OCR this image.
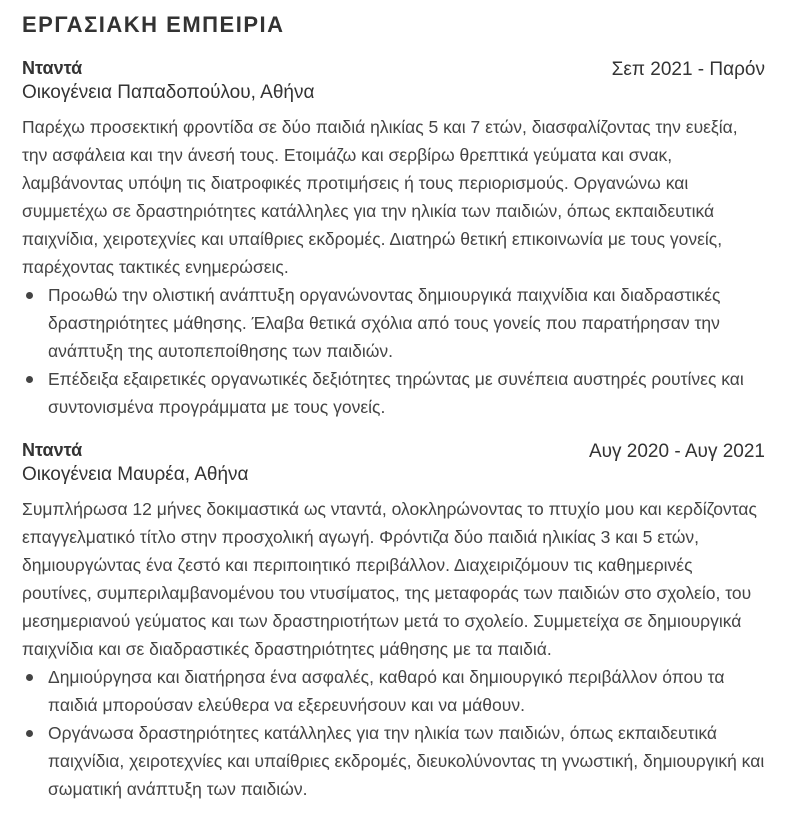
ΕΡΓΑΣΙΑΚΗ ΕΜΠΕΙΡΙΑ
Νταντά	Σεπ 2021 - Παρόν
Οικογένεια Παπαδοπούλου, Αθήνα

Παρέχω προσεκτική φροντίδα σε δύο παιδιά ηλικίας 5 και 7 ετών, διασφαλίζοντας την ευεξία, την ασφάλεια και την άνεσή τους. Ετοιμάζω και σερβίρω θρεπτικά γεύματα και σνακ, λαμβάνοντας υπόψη τις διατροφικές προτιμήσεις ή τους περιορισμούς. Οργανώνω και συμμετέχω σε δραστηριότητες κατάλληλες για την ηλικία των παιδιών, όπως εκπαιδευτικά παιχνίδια, χειροτεχνίες και υπαίθριες εκδρομές. Διατηρώ θετική επικοινωνία με τους γονείς, παρέχοντας τακτικές ενημερώσεις.

Προωθώ την ολιστική ανάπτυξη οργανώνοντας δημιουργικά παιχνίδια και διαδραστικές δραστηριότητες μάθησης. Έλαβα θετικά σχόλια από τους γονείς που παρατήρησαν την ανάπτυξη της αυτοπεποίθησης των παιδιών.
Επέδειξα εξαιρετικές οργανωτικές δεξιότητες τηρώντας με συνέπεια αυστηρές ρουτίνες και συντονισμένα προγράμματα με τους γονείς.
Νταντά	Αυγ 2020 - Αυγ 2021
Οικογένεια Μαυρέα, Αθήνα

Συμπλήρωσα 12 μήνες δοκιμαστικά ως νταντά, ολοκληρώνοντας το πτυχίο μου και κερδίζοντας επαγγελματικό τίτλο στην προσχολική αγωγή. Φρόντιζα δύο παιδιά ηλικίας 3 και 5 ετών, δημιουργώντας ένα ζεστό και περιποιητικό περιβάλλον. Διαχειριζόμουν τις καθημερινές ρουτίνες, συμπεριλαμβανομένου του ντυσίματος, της μεταφοράς των παιδιών στο σχολείο, του μεσημεριανού γεύματος και των δραστηριοτήτων μετά το σχολείο. Συμμετείχα σε δημιουργικά παιχνίδια και σε διαδραστικές δραστηριότητες μάθησης με τα παιδιά.

Δημιούργησα και διατήρησα ένα ασφαλές, καθαρό και δημιουργικό περιβάλλον όπου τα παιδιά μπορούσαν ελεύθερα να εξερευνήσουν και να μάθουν.
Οργάνωσα δραστηριότητες κατάλληλες για την ηλικία των παιδιών, όπως εκπαιδευτικά παιχνίδια, χειροτεχνίες και υπαίθριες εκδρομές, διευκολύνοντας τη γνωστική, δημιουργική και σωματική ανάπτυξη των παιδιών.
